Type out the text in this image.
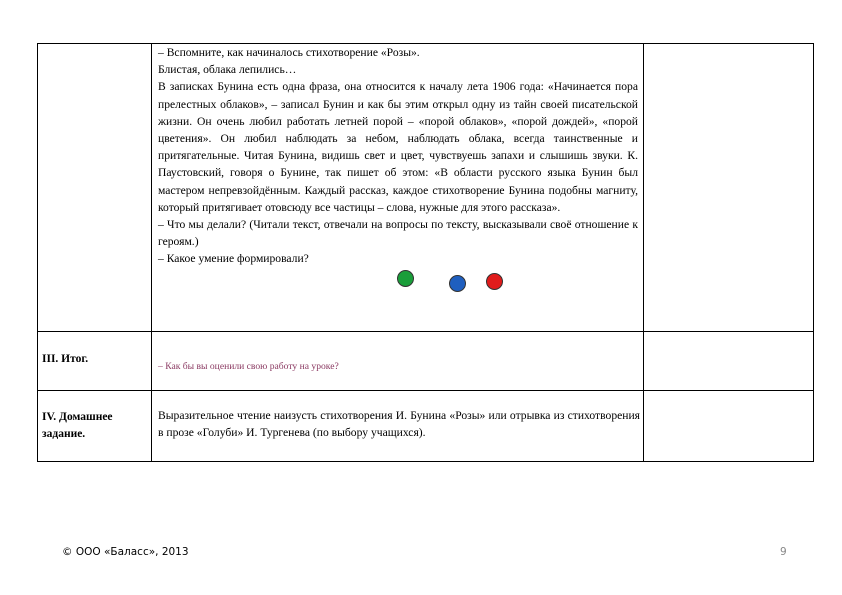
– Вспомните, как начиналось стихотворение «Розы».

Блистая, облака лепились…

В записках Бунина есть одна фраза, она относится к началу лета 1906 года: «Начинается пора прелестных облаков», – записал Бунин и как бы этим открыл одну из тайн своей писательской жизни. Он очень любил работать летней порой – «порой облаков», «порой дождей», «порой цветения». Он любил наблюдать за небом, наблюдать облака, всегда таинственные и притягательные. Читая Бунина, видишь свет и цвет, чувствуешь запахи и слышишь звуки. К. Паустовский, говоря о Бунине, так пишет об этом: «В области русского языка Бунин был мастером непревзойдённым. Каждый рассказ, каждое стихотворение Бунина подобны магниту, который притягивает отовсюду все частицы – слова, нужные для этого рассказа».

– Что мы делали? (Читали текст, отвечали на вопросы по тексту, высказывали своё отношение к героям.)

– Какое умение формировали?

III. Итог.
– Как бы вы оценили свою работу на уроке?
IV. Домашнее задание.
Выразительное чтение наизусть стихотворения И. Бунина «Розы» или отрывка из стихотворения в прозе «Голуби» И. Тургенева (по выбору учащихся).
© ООО «Баласс», 2013	9
